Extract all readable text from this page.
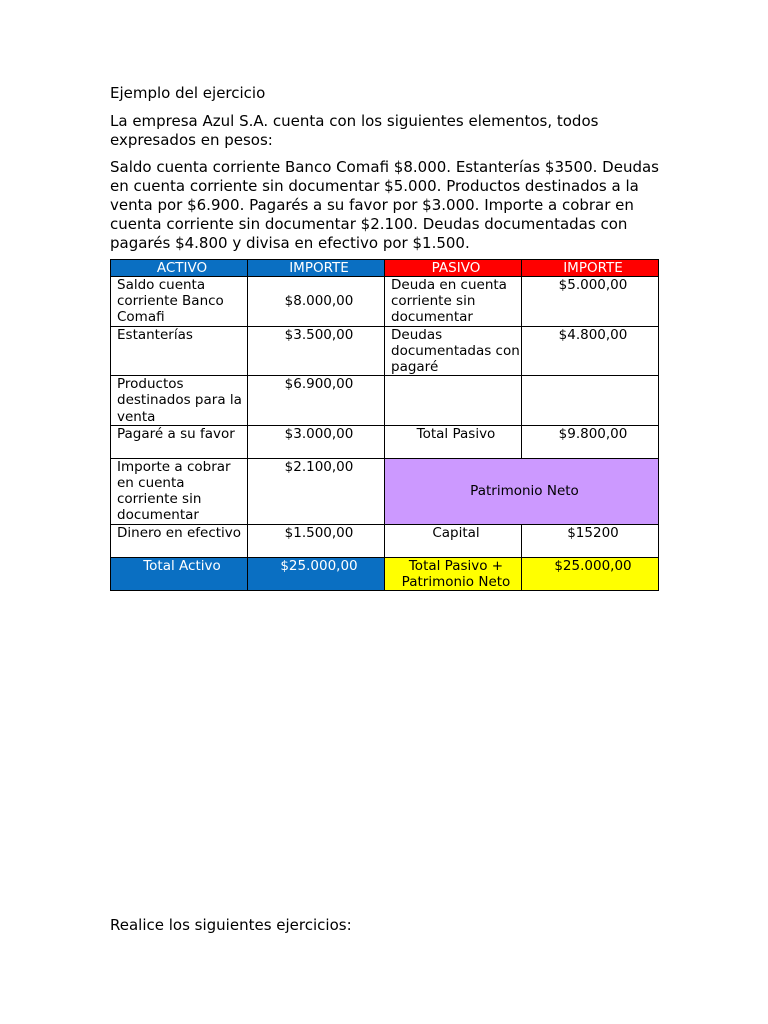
Ejemplo del ejercicio

La empresa Azul S.A. cuenta con los siguientes elementos, todos expresados en pesos:

Saldo cuenta corriente Banco Comafi $8.000. Estanterías $3500. Deudas en cuenta corriente sin documentar $5.000. Productos destinados a la venta por $6.900. Pagarés a su favor por $3.000. Importe a cobrar en cuenta corriente sin documentar $2.100. Deudas documentadas con pagarés $4.800 y divisa en efectivo por $1.500.

ACTIVO	IMPORTE	PASIVO	IMPORTE
Saldo cuenta corriente Banco Comafi	$8.000,00	Deuda en cuenta corriente sin documentar	$5.000,00
Estanterías	$3.500,00	Deudas documentadas con pagaré	$4.800,00
Productos destinados para la venta	$6.900,00		
Pagaré a su favor	$3.000,00	Total Pasivo	$9.800,00
Importe a cobrar en cuenta corriente sin documentar	$2.100,00	Patrimonio Neto	
Dinero en efectivo	$1.500,00	Capital	$15200
Total Activo	$25.000,00	Total Pasivo + Patrimonio Neto	$25.000,00

Realice los siguientes ejercicios:
